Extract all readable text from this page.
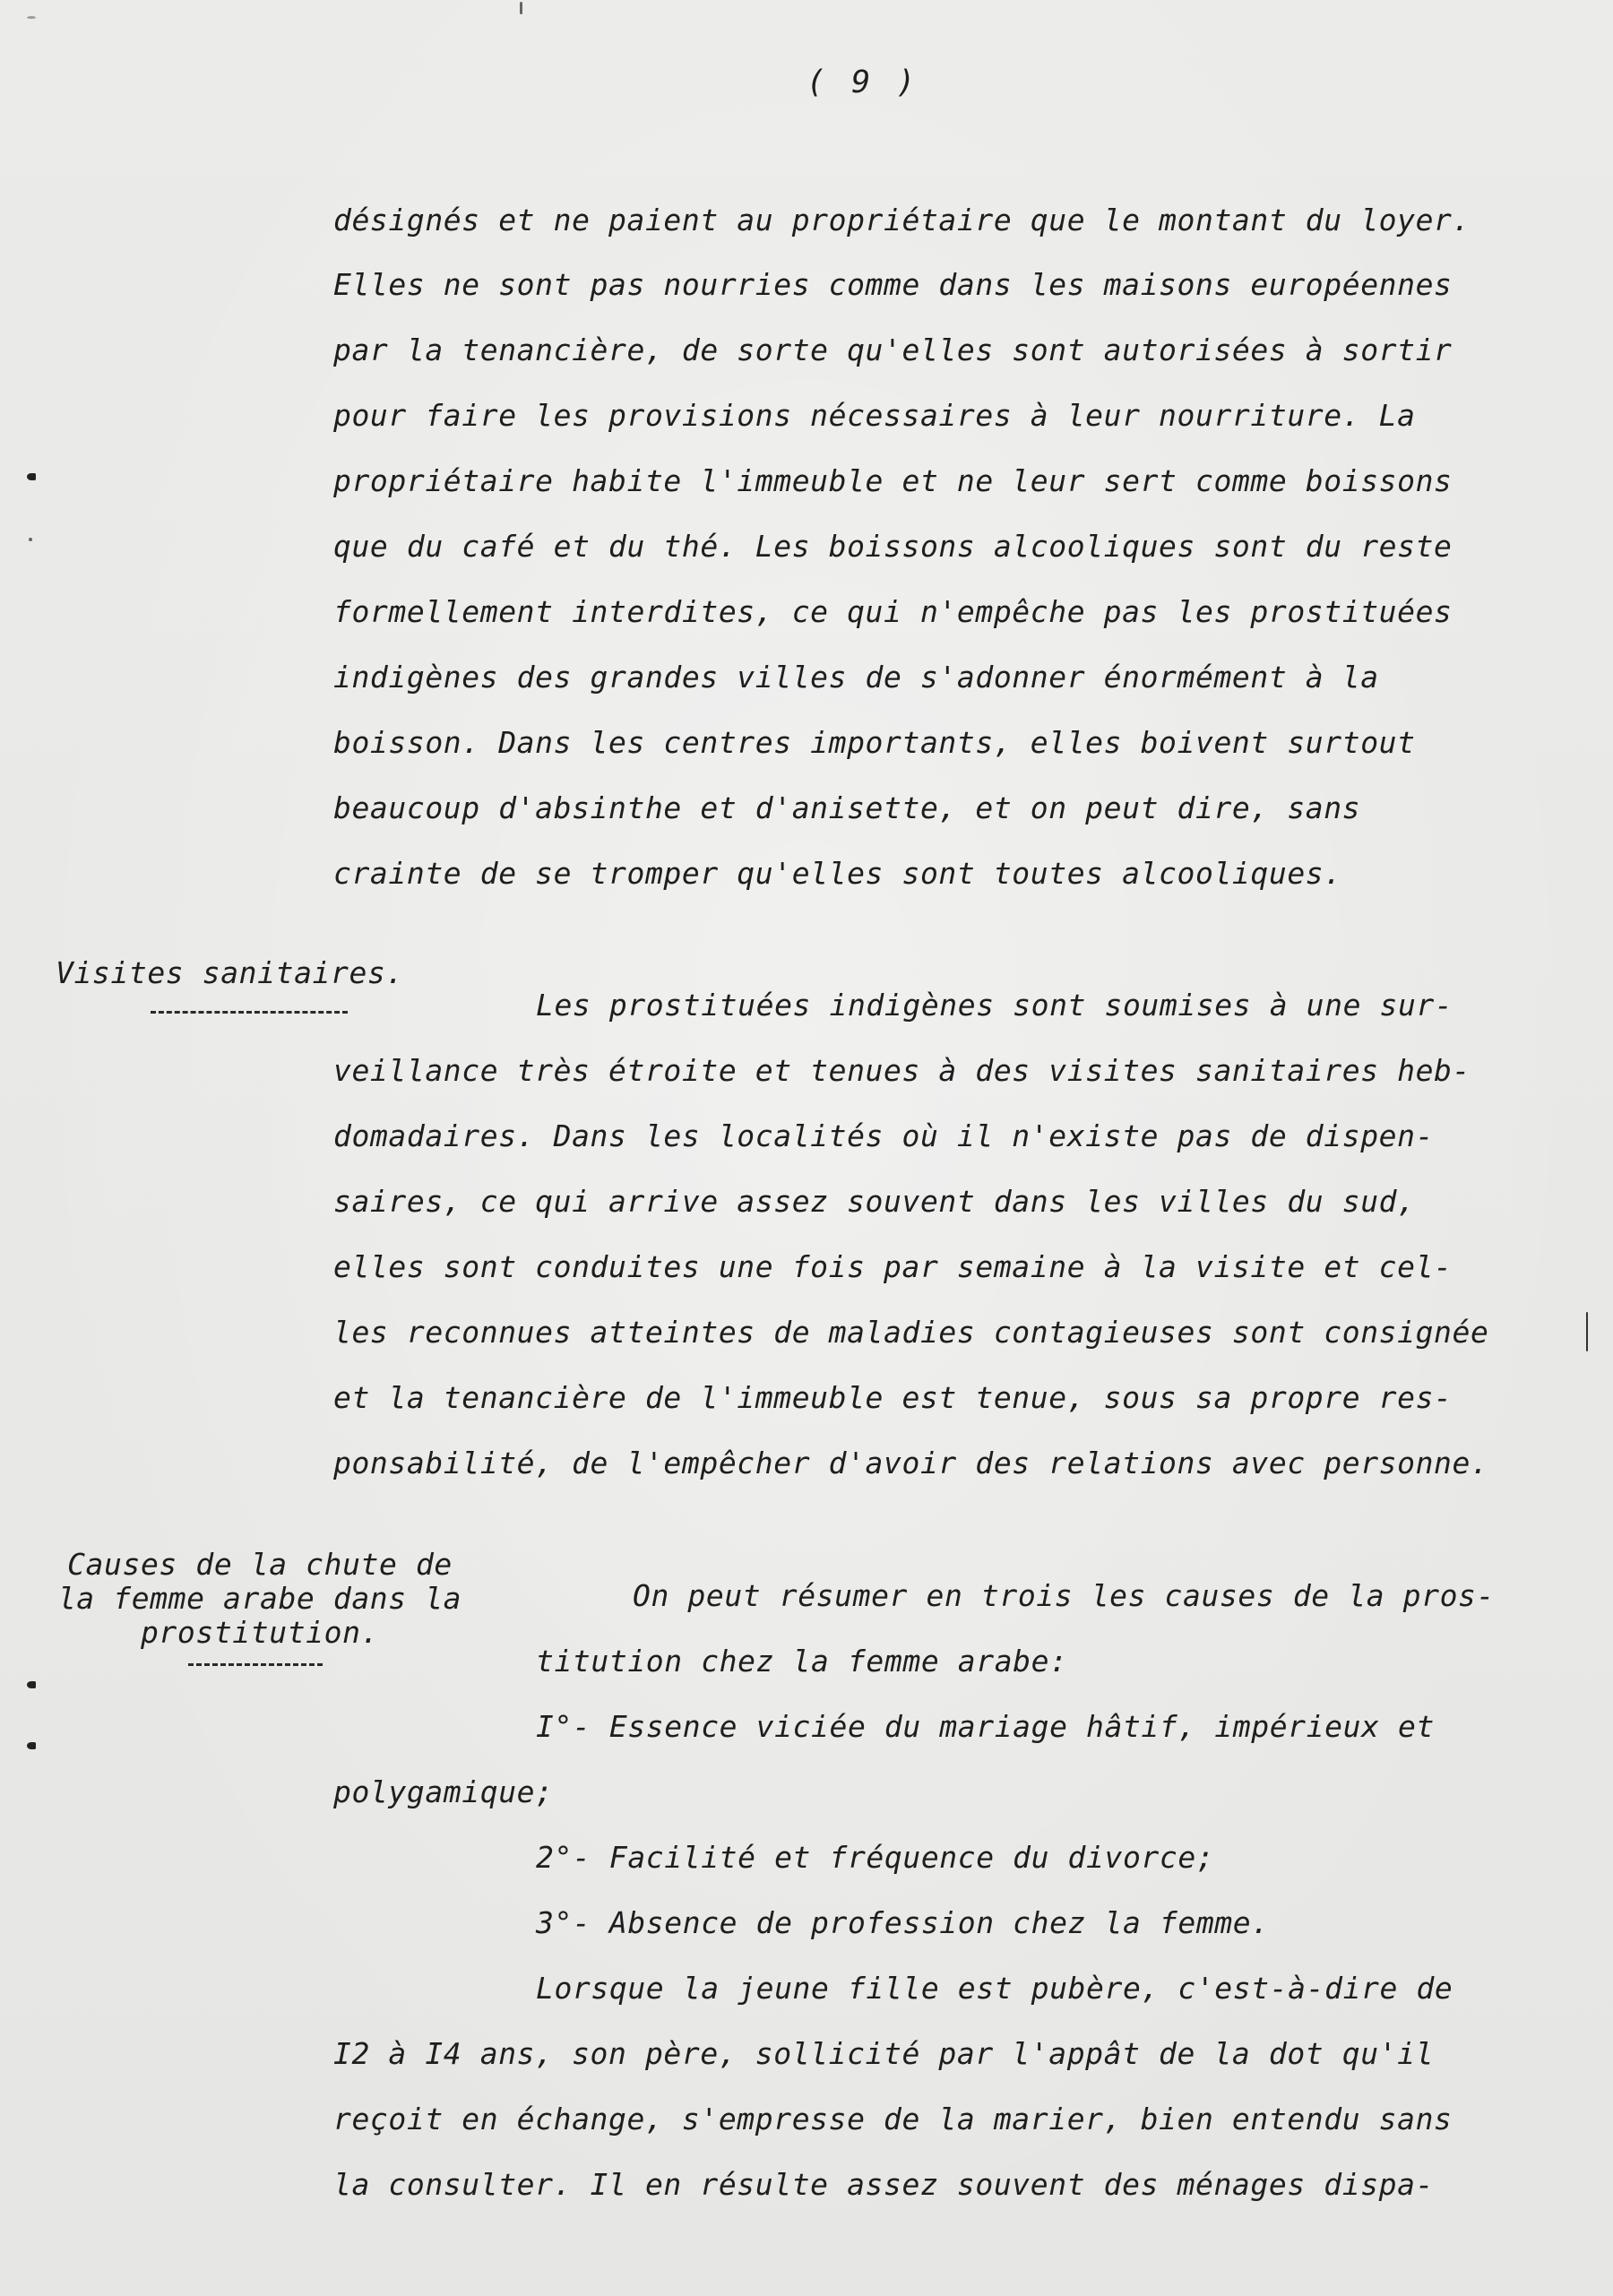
( 9 )
désignés et ne paient au propriétaire que le montant du loyer.
Elles ne sont pas nourries comme dans les maisons européennes
par la tenancière, de sorte qu'elles sont autorisées à sortir
pour faire les provisions nécessaires à leur nourriture. La
propriétaire habite l'immeuble et ne leur sert comme boissons
que du café et du thé. Les boissons alcooliques sont du reste
formellement interdites, ce qui n'empêche pas les prostituées
indigènes des grandes villes de s'adonner énormément à la
boisson. Dans les centres importants, elles boivent surtout
beaucoup d'absinthe et d'anisette, et on peut dire, sans
crainte de se tromper qu'elles sont toutes alcooliques.
Visites sanitaires.
Les prostituées indigènes sont soumises à une sur-
veillance très étroite et tenues à des visites sanitaires heb-
domadaires. Dans les localités où il n'existe pas de dispen-
saires, ce qui arrive assez souvent dans les villes du sud,
elles sont conduites une fois par semaine à la visite et cel-
les reconnues atteintes de maladies contagieuses sont consignée
et la tenancière de l'immeuble est tenue, sous sa propre res-
ponsabilité, de l'empêcher d'avoir des relations avec personne.
Causes de la chute de
la femme arabe dans la
prostitution.
On peut résumer en trois les causes de la pros-
titution chez la femme arabe:
I°- Essence viciée du mariage hâtif, impérieux et
polygamique;
2°- Facilité et fréquence du divorce;
3°- Absence de profession chez la femme.
Lorsque la jeune fille est pubère, c'est-à-dire de
I2 à I4 ans, son père, sollicité par l'appât de la dot qu'il
reçoit en échange, s'empresse de la marier, bien entendu sans
la consulter. Il en résulte assez souvent des ménages dispa-
